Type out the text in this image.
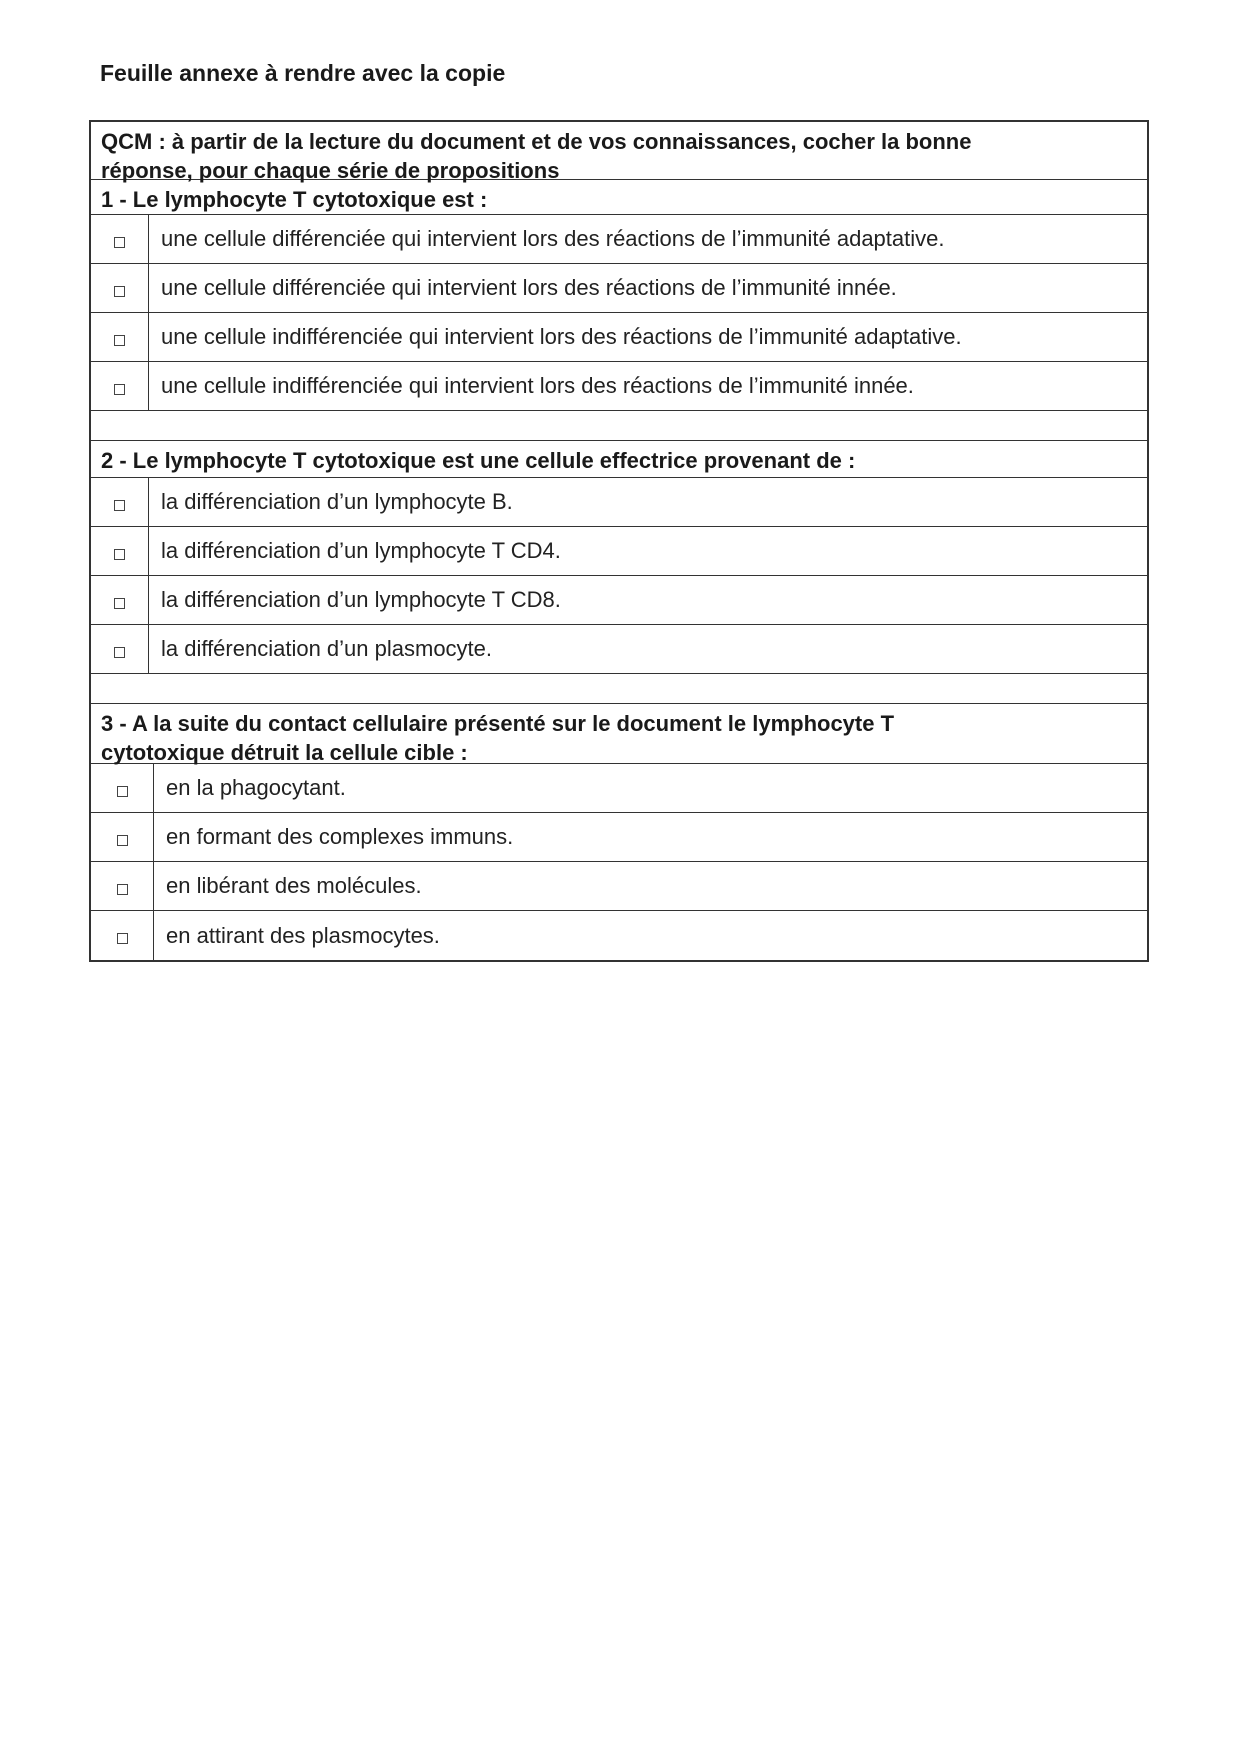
Feuille annexe à rendre avec la copie
QCM : à partir de la lecture du document et de vos connaissances, cocher la bonne
réponse, pour chaque série de propositions
1 - Le lymphocyte T cytotoxique est :
une cellule différenciée qui intervient lors des réactions de l’immunité adaptative.
une cellule différenciée qui intervient lors des réactions de l’immunité innée.
une cellule indifférenciée qui intervient lors des réactions de l’immunité adaptative.
une cellule indifférenciée qui intervient lors des réactions de l’immunité innée.
2 - Le lymphocyte T cytotoxique est une cellule effectrice provenant de :
la différenciation d’un lymphocyte B.
la différenciation d’un lymphocyte T CD4.
la différenciation d’un lymphocyte T CD8.
la différenciation d’un plasmocyte.
3 - A la suite du contact cellulaire présenté sur le document le lymphocyte T
cytotoxique détruit la cellule cible :
en la phagocytant.
en formant des complexes immuns.
en libérant des molécules.
en attirant des plasmocytes.
